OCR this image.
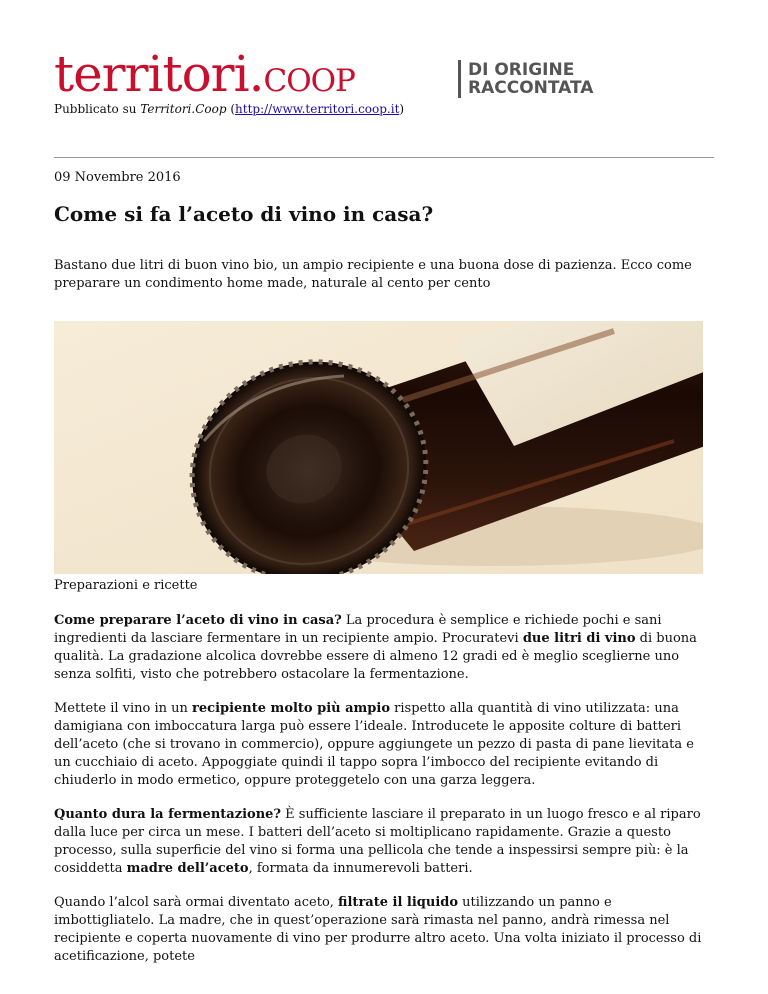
territori.coop	DI ORIGINE
RACCONTATA
Pubblicato su Territori.Coop (http://www.territori.coop.it)
09 Novembre 2016
Come si fa l’aceto di vino in casa?

Bastano due litri di buon vino bio, un ampio recipiente e una buona dose di pazienza. Ecco come preparare un condimento home made, naturale al cento per cento

Preparazioni e ricette

Come preparare l’aceto di vino in casa? La procedura è semplice e richiede pochi e sani ingredienti da lasciare fermentare in un recipiente ampio. Procuratevi due litri di vino di buona qualità. La gradazione alcolica dovrebbe essere di almeno 12 gradi ed è meglio sceglierne uno senza solfiti, visto che potrebbero ostacolare la fermentazione.

Mettete il vino in un recipiente molto più ampio rispetto alla quantità di vino utilizzata: una damigiana con imboccatura larga può essere l’ideale. Introducete le apposite colture di batteri dell’aceto (che si trovano in commercio), oppure aggiungete un pezzo di pasta di pane lievitata e un cucchiaio di aceto. Appoggiate quindi il tappo sopra l’imbocco del recipiente evitando di chiuderlo in modo ermetico, oppure proteggetelo con una garza leggera.

Quanto dura la fermentazione? È sufficiente lasciare il preparato in un luogo fresco e al riparo dalla luce per circa un mese. I batteri dell’aceto si moltiplicano rapidamente. Grazie a questo processo, sulla superficie del vino si forma una pellicola che tende a inspessirsi sempre più: è la cosiddetta madre dell’aceto, formata da innumerevoli batteri.

Quando l’alcol sarà ormai diventato aceto, filtrate il liquido utilizzando un panno e imbottigliatelo. La madre, che in quest’operazione sarà rimasta nel panno, andrà rimessa nel recipiente e coperta nuovamente di vino per produrre altro aceto. Una volta iniziato il processo di acetificazione, potete
